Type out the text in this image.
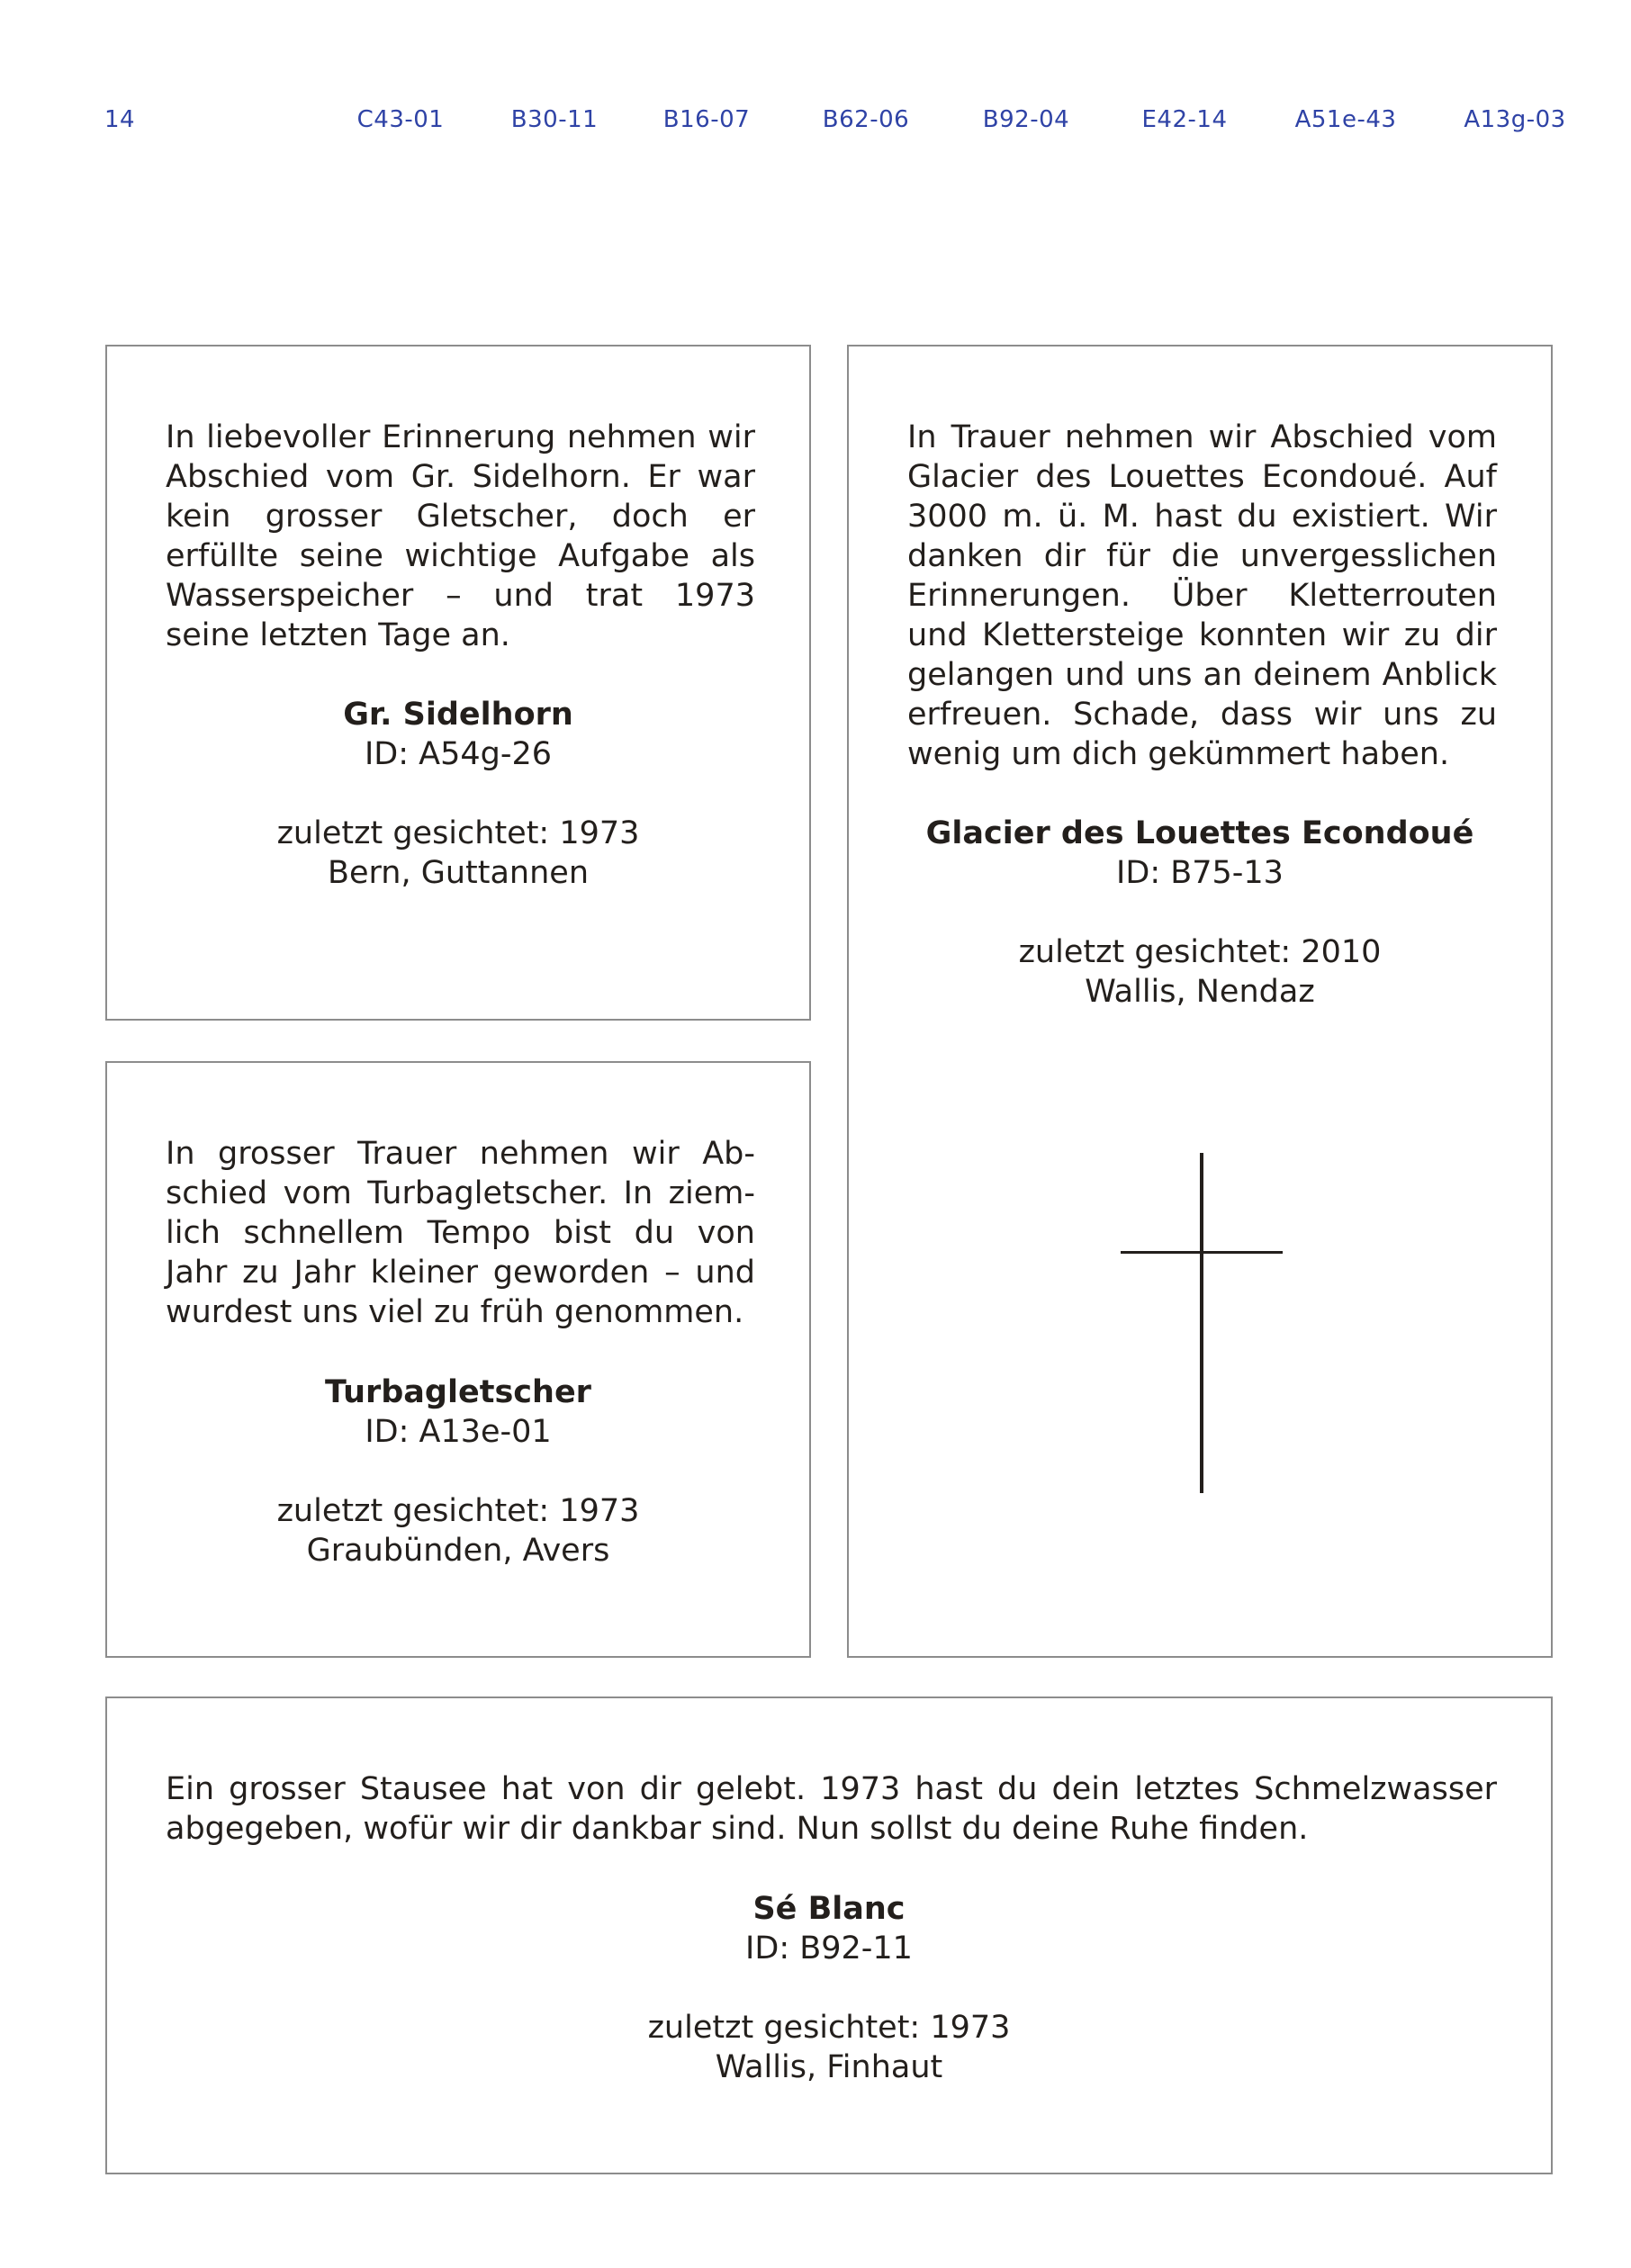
14	C43-01	B30-11	B16-07	B62-06	B92-04	E42-14	A51e-43	A13g-03
In liebevoller Erinnerung nehmen wir Abschied vom Gr. Sidelhorn. Er war kein grosser Gletscher, doch er erfüllte seine wichtige Aufgabe als Wasserspeicher – und trat 1973 seine letzten Tage an.
Gr. Sidelhorn
ID: A54g-26
zuletzt gesichtet: 1973
Bern, Guttannen
In Trauer nehmen wir Abschied vom Glacier des Louettes Econdoué. Auf 3000 m. ü. M. hast du existiert. Wir danken dir für die unvergesslichen Erinnerungen. Über Kletterrouten und Klettersteige konnten wir zu dir gelangen und uns an deinem Anblick erfreuen. Schade, dass wir uns zu wenig um dich gekümmert haben.
Glacier des Louettes Econdoué
ID: B75-13
zuletzt gesichtet: 2010
Wallis, Nendaz
In grosser Trauer nehmen wir Abschied vom Turbagletscher. In ziemlich schnellem Tempo bist du von Jahr zu Jahr kleiner geworden – und wurdest uns viel zu früh genommen.
Turbagletscher
ID: A13e-01
zuletzt gesichtet: 1973
Graubünden, Avers
Ein grosser Stausee hat von dir gelebt. 1973 hast du dein letztes Schmelzwasser abgegeben, wofür wir dir dankbar sind. Nun sollst du deine Ruhe finden.
Sé Blanc
ID: B92-11
zuletzt gesichtet: 1973
Wallis, Finhaut
